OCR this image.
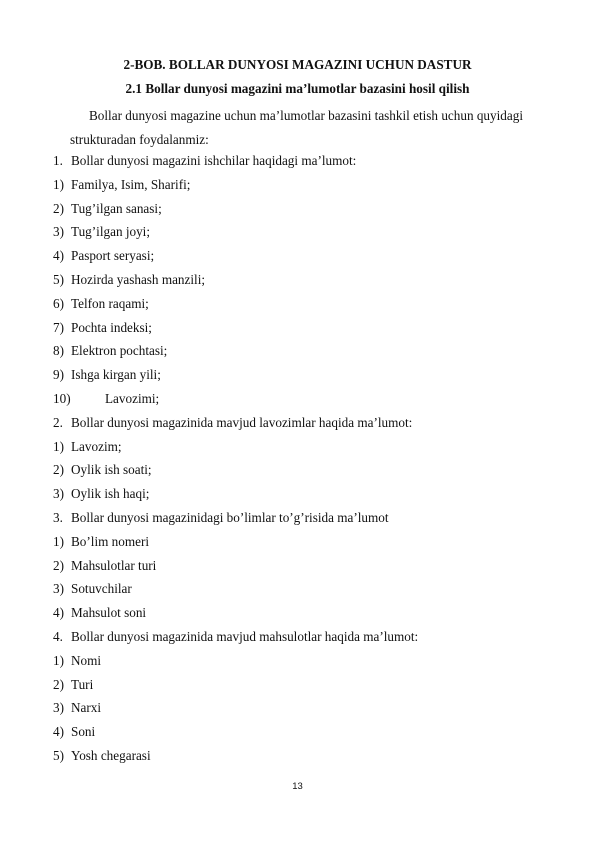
2-BOB. BOLLAR DUNYOSI MAGAZINI UCHUN DASTUR
2.1 Bollar dunyosi magazini ma’lumotlar bazasini hosil qilish
Bollar dunyosi magazine uchun ma’lumotlar bazasini tashkil etish uchun quyidagi strukturadan foydalanmiz:
1. Bollar dunyosi magazini ishchilar haqidagi ma’lumot:
1) Familya, Isim, Sharifi;
2) Tug’ilgan sanasi;
3) Tug’ilgan joyi;
4) Pasport seryasi;
5) Hozirda yashash manzili;
6) Telfon raqami;
7) Pochta indeksi;
8) Elektron pochtasi;
9) Ishga kirgan yili;
10)	Lavozimi;
2. Bollar dunyosi magazinida mavjud lavozimlar haqida ma’lumot:
1) Lavozim;
2) Oylik ish soati;
3) Oylik ish haqi;
3. Bollar dunyosi magazinidagi bo’limlar to’g’risida ma’lumot
1) Bo’lim nomeri
2) Mahsulotlar turi
3) Sotuvchilar
4) Mahsulot soni
4. Bollar dunyosi magazinida mavjud mahsulotlar haqida ma’lumot:
1) Nomi
2) Turi
3) Narxi
4) Soni
5) Yosh chegarasi
13
